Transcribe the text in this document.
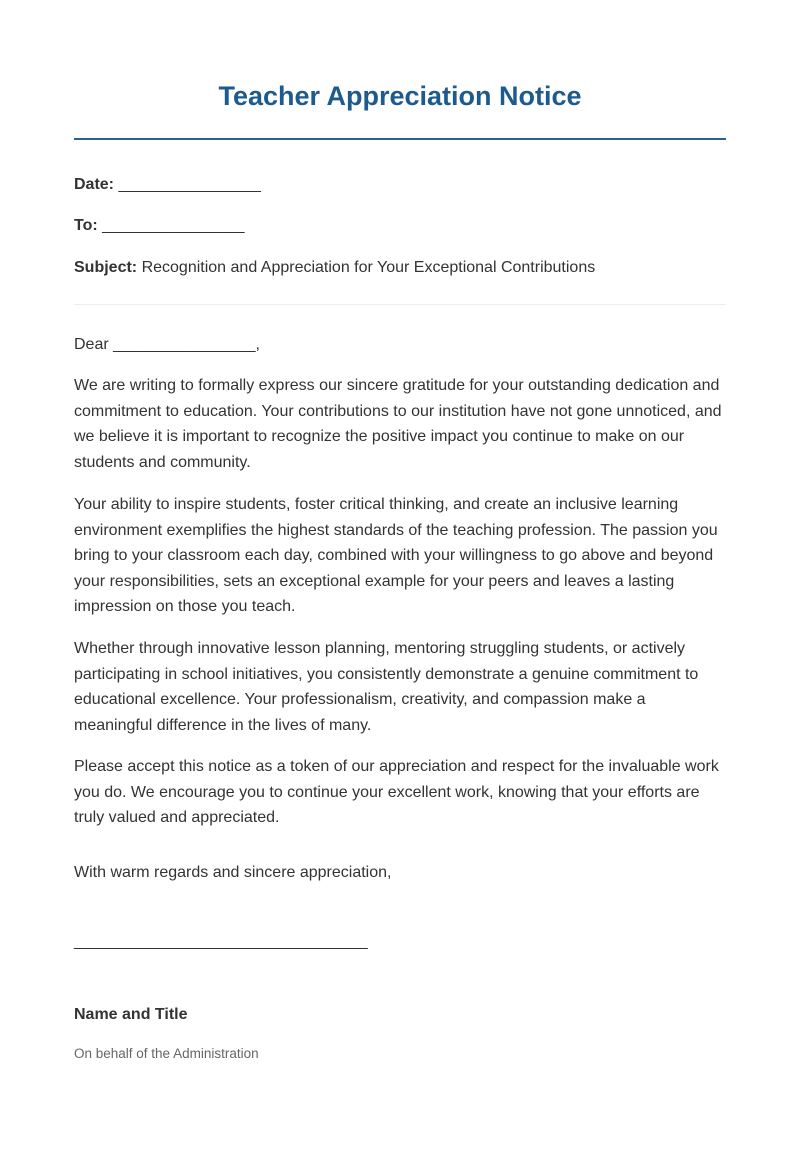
Teacher Appreciation Notice
Date: ________________
To: ________________
Subject: Recognition and Appreciation for Your Exceptional Contributions
Dear ________________,

We are writing to formally express our sincere gratitude for your outstanding dedication and commitment to education. Your contributions to our institution have not gone unnoticed, and we believe it is important to recognize the positive impact you continue to make on our students and community.

Your ability to inspire students, foster critical thinking, and create an inclusive learning environment exemplifies the highest standards of the teaching profession. The passion you bring to your classroom each day, combined with your willingness to go above and beyond your responsibilities, sets an exceptional example for your peers and leaves a lasting impression on those you teach.

Whether through innovative lesson planning, mentoring struggling students, or actively participating in school initiatives, you consistently demonstrate a genuine commitment to educational excellence. Your professionalism, creativity, and compassion make a meaningful difference in the lives of many.

Please accept this notice as a token of our appreciation and respect for the invaluable work you do. We encourage you to continue your excellent work, knowing that your efforts are truly valued and appreciated.

With warm regards and sincere appreciation,
_________________________________
Name and Title
On behalf of the Administration
